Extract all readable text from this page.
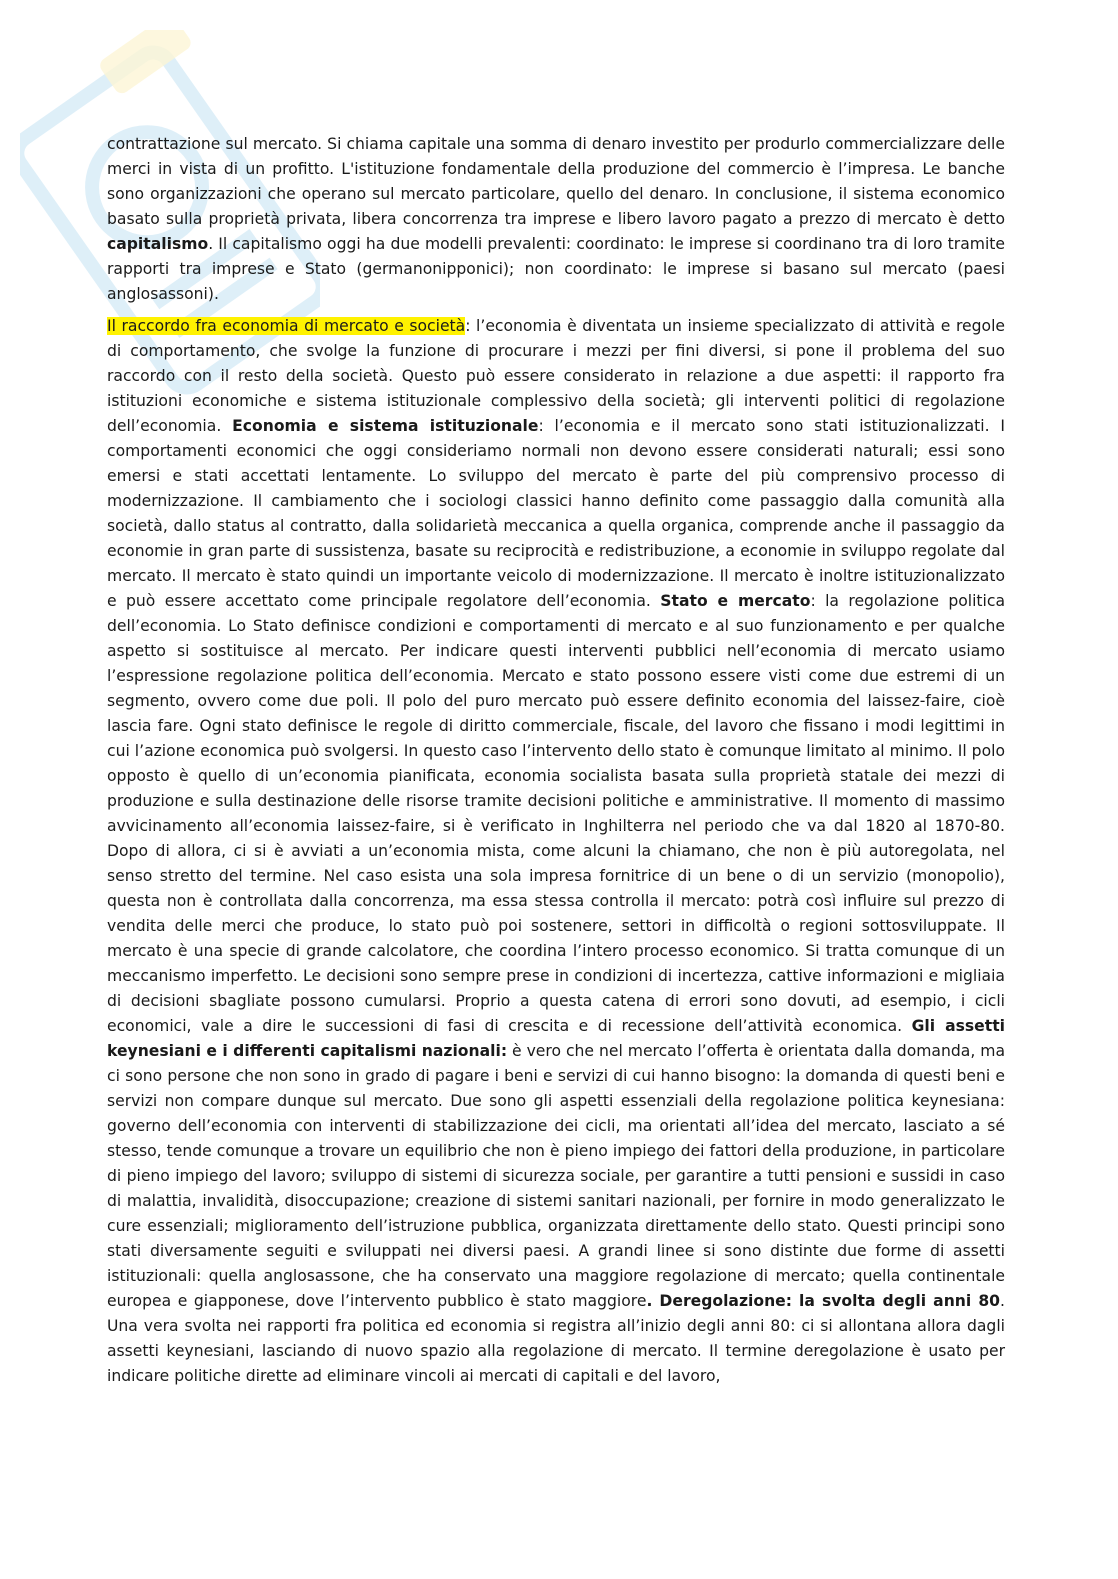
contrattazione sul mercato. Si chiama capitale una somma di denaro investito per produrlo commercializzare delle merci in vista di un profitto. L'istituzione fondamentale della produzione del commercio è l’impresa. Le banche sono organizzazioni che operano sul mercato particolare, quello del denaro. In conclusione, il sistema economico basato sulla proprietà privata, libera concorrenza tra imprese e libero lavoro pagato a prezzo di mercato è detto capitalismo. Il capitalismo oggi ha due modelli prevalenti: coordinato: le imprese si coordinano tra di loro tramite rapporti tra imprese e Stato (germanonipponici); non coordinato: le imprese si basano sul mercato (paesi anglosassoni).

Il raccordo fra economia di mercato e società: l’economia è diventata un insieme specializzato di attività e regole di comportamento, che svolge la funzione di procurare i mezzi per fini diversi, si pone il problema del suo raccordo con il resto della società. Questo può essere considerato in relazione a due aspetti: il rapporto fra istituzioni economiche e sistema istituzionale complessivo della società; gli interventi politici di regolazione dell’economia. Economia e sistema istituzionale: l’economia e il mercato sono stati istituzionalizzati. I comportamenti economici che oggi consideriamo normali non devono essere considerati naturali; essi sono emersi e stati accettati lentamente. Lo sviluppo del mercato è parte del più comprensivo processo di modernizzazione. Il cambiamento che i sociologi classici hanno definito come passaggio dalla comunità alla società, dallo status al contratto, dalla solidarietà meccanica a quella organica, comprende anche il passaggio da economie in gran parte di sussistenza, basate su reciprocità e redistribuzione, a economie in sviluppo regolate dal mercato. Il mercato è stato quindi un importante veicolo di modernizzazione. Il mercato è inoltre istituzionalizzato e può essere accettato come principale regolatore dell’economia. Stato e mercato: la regolazione politica dell’economia. Lo Stato definisce condizioni e comportamenti di mercato e al suo funzionamento e per qualche aspetto si sostituisce al mercato. Per indicare questi interventi pubblici nell’economia di mercato usiamo l’espressione regolazione politica dell’economia. Mercato e stato possono essere visti come due estremi di un segmento, ovvero come due poli. Il polo del puro mercato può essere definito economia del laissez-faire, cioè lascia fare. Ogni stato definisce le regole di diritto commerciale, fiscale, del lavoro che fissano i modi legittimi in cui l’azione economica può svolgersi. In questo caso l’intervento dello stato è comunque limitato al minimo. Il polo opposto è quello di un’economia pianificata, economia socialista basata sulla proprietà statale dei mezzi di produzione e sulla destinazione delle risorse tramite decisioni politiche e amministrative. Il momento di massimo avvicinamento all’economia laissez-faire, si è verificato in Inghilterra nel periodo che va dal 1820 al 1870-80. Dopo di allora, ci si è avviati a un’economia mista, come alcuni la chiamano, che non è più autoregolata, nel senso stretto del termine. Nel caso esista una sola impresa fornitrice di un bene o di un servizio (monopolio), questa non è controllata dalla concorrenza, ma essa stessa controlla il mercato: potrà così influire sul prezzo di vendita delle merci che produce, lo stato può poi sostenere, settori in difficoltà o regioni sottosviluppate. Il mercato è una specie di grande calcolatore, che coordina l’intero processo economico. Si tratta comunque di un meccanismo imperfetto. Le decisioni sono sempre prese in condizioni di incertezza, cattive informazioni e migliaia di decisioni sbagliate possono cumularsi. Proprio a questa catena di errori sono dovuti, ad esempio, i cicli economici, vale a dire le successioni di fasi di crescita e di recessione dell’attività economica. Gli assetti keynesiani e i differenti capitalismi nazionali: è vero che nel mercato l’offerta è orientata dalla domanda, ma ci sono persone che non sono in grado di pagare i beni e servizi di cui hanno bisogno: la domanda di questi beni e servizi non compare dunque sul mercato. Due sono gli aspetti essenziali della regolazione politica keynesiana: governo dell’economia con interventi di stabilizzazione dei cicli, ma orientati all’idea del mercato, lasciato a sé stesso, tende comunque a trovare un equilibrio che non è pieno impiego dei fattori della produzione, in particolare di pieno impiego del lavoro; sviluppo di sistemi di sicurezza sociale, per garantire a tutti pensioni e sussidi in caso di malattia, invalidità, disoccupazione; creazione di sistemi sanitari nazionali, per fornire in modo generalizzato le cure essenziali; miglioramento dell’istruzione pubblica, organizzata direttamente dello stato. Questi principi sono stati diversamente seguiti e sviluppati nei diversi paesi. A grandi linee si sono distinte due forme di assetti istituzionali: quella anglosassone, che ha conservato una maggiore regolazione di mercato; quella continentale europea e giapponese, dove l’intervento pubblico è stato maggiore. Deregolazione: la svolta degli anni 80. Una vera svolta nei rapporti fra politica ed economia si registra all’inizio degli anni 80: ci si allontana allora dagli assetti keynesiani, lasciando di nuovo spazio alla regolazione di mercato. Il termine deregolazione è usato per indicare politiche dirette ad eliminare vincoli ai mercati di capitali e del lavoro,
